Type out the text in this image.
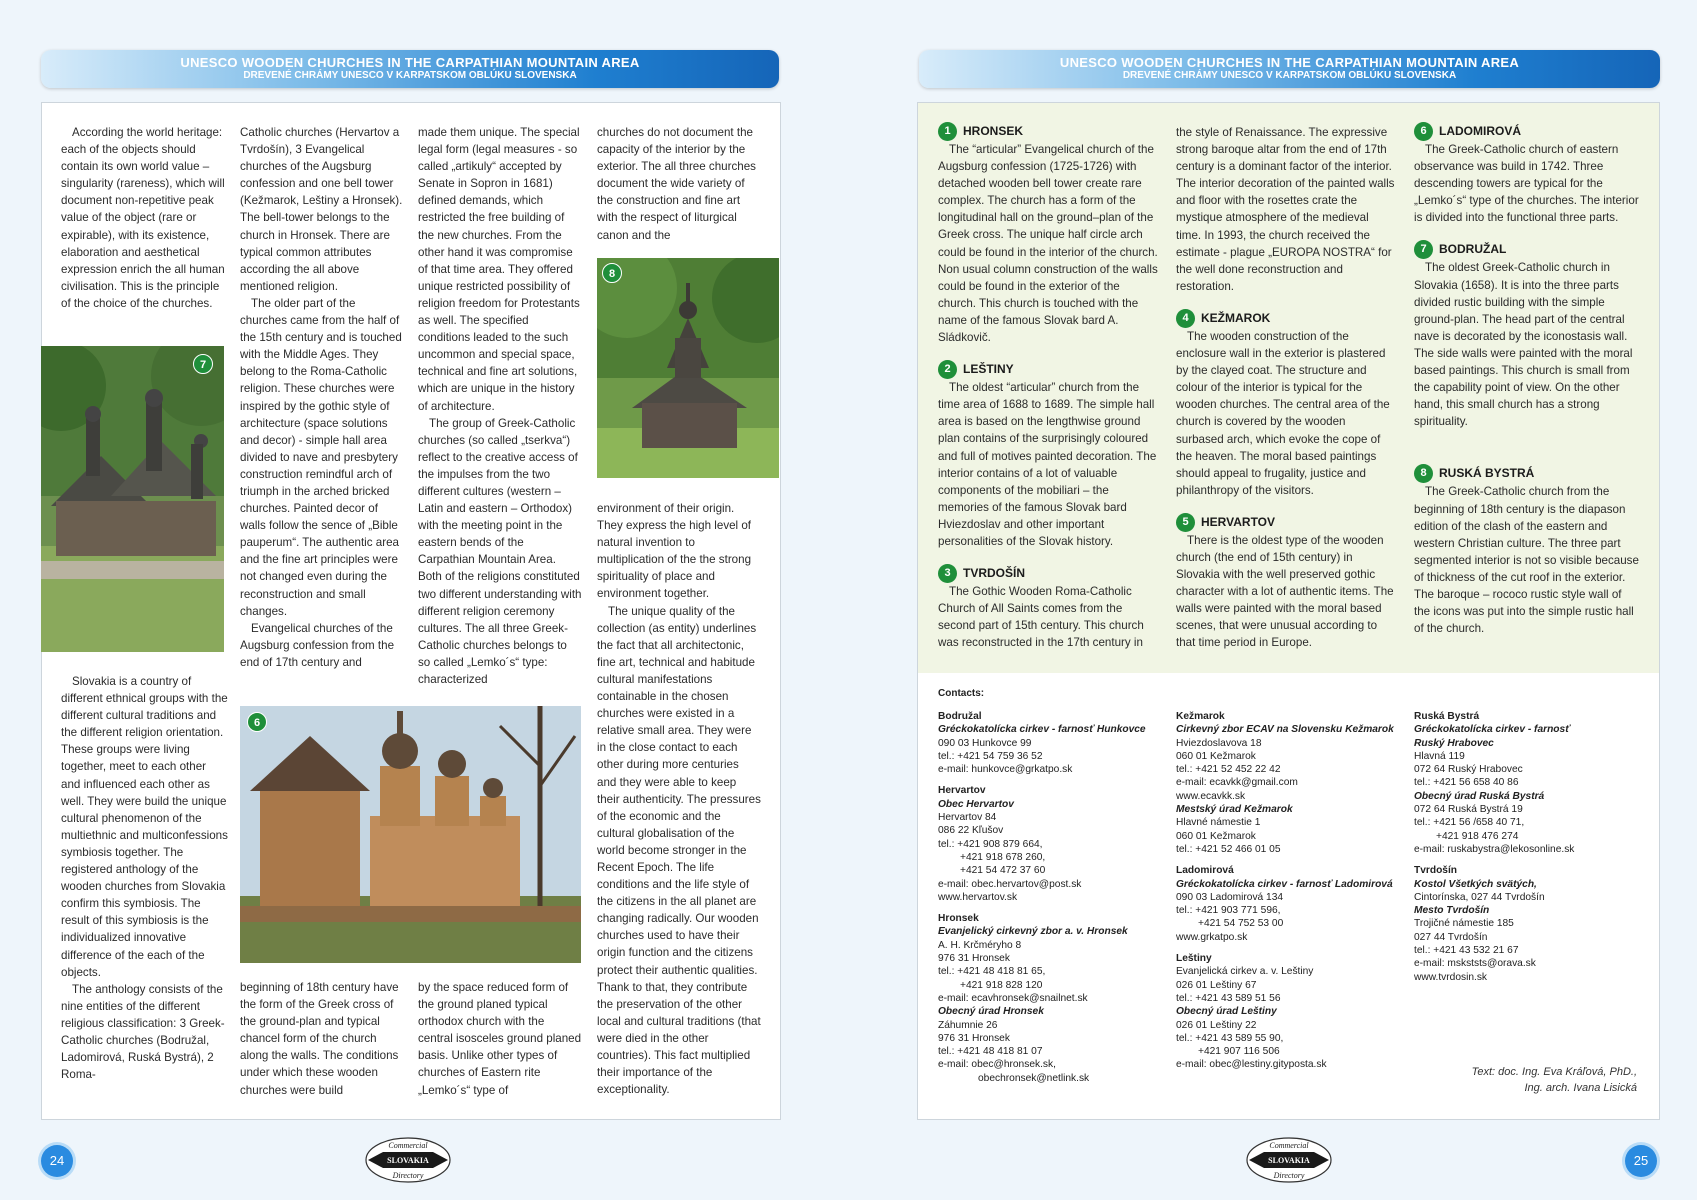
UNESCO WOODEN CHURCHES IN THE CARPATHIAN MOUNTAIN AREA
DREVENÉ CHRÁMY UNESCO V KARPATSKOM OBLÚKU SLOVENSKA

According the world heritage: each of the objects should contain its own world value – singularity (rareness), which will document non-repetitive peak value of the object (rare or expirable), with its existence, elaboration and aesthetical expression enrich the all human civilisation. This is the principle of the choice of the churches.

7

Slovakia is a country of different ethnical groups with the different cultural traditions and the different religion orientation. These groups were living together, meet to each other and influenced each other as well. They were build the unique cultural phenomenon of the multiethnic and multiconfessions symbiosis together. The registered anthology of the wooden churches from Slovakia confirm this symbiosis. The result of this symbiosis is the individualized innovative difference of the each of the objects.

The anthology consists of the nine entities of the different religious classification: 3 Greek-Catholic churches (Bodružal, Ladomirová, Ruská Bystrá), 2 Roma-

Catholic churches (Hervartov a Tvrdošín), 3 Evangelical churches of the Augsburg confession and one bell tower (Kežmarok, Leštiny a Hronsek). The bell-tower belongs to the church in Hronsek. There are typical common attributes according the all above mentioned religion.

The older part of the churches came from the half of the 15th century and is touched with the Middle Ages. They belong to the Roma-Catholic religion. These churches were inspired by the gothic style of architecture (space solutions and decor) - simple hall area divided to nave and presbytery construction remindful arch of triumph in the arched bricked churches. Painted decor of walls follow the sence of „Bible pauperum“. The authentic area and the fine art principles were not changed even during the reconstruction and small changes.

Evangelical churches of the Augsburg confession from the end of 17th century and

made them unique. The special legal form (legal measures - so called „artikuly“ accepted by Senate in Sopron in 1681) defined demands, which restricted the free building of the new churches. From the other hand it was compromise of that time area. They offered unique restricted possibility of religion freedom for Protestants as well. The specified conditions leaded to the such uncommon and special space, technical and fine art solutions, which are unique in the history of architecture.

The group of Greek-Catholic churches (so called „tserkva“) reflect to the creative access of the impulses from the two different cultures (western – Latin and eastern – Orthodox) with the meeting point in the eastern bends of the Carpathian Mountain Area. Both of the religions constituted two different understanding with different religion ceremony cultures. The all three Greek-Catholic churches belongs to so called „Lemko´s“ type: characterized

6

beginning of 18th century have the form of the Greek cross of the ground-plan and typical chancel form of the church along the walls. The conditions under which these wooden churches were build

by the space reduced form of the ground planed typical orthodox church with the central isosceles ground planed basis. Unlike other types of churches of Eastern rite „Lemko´s“ type of

churches do not document the capacity of the interior by the exterior. The all three churches document the wide variety of the construction and fine art with the respect of liturgical canon and the

8

environment of their origin. They express the high level of natural invention to multiplication of the the strong spirituality of place and environment together.

The unique quality of the collection (as entity) underlines the fact that all architectonic, fine art, technical and habitude cultural manifestations containable in the chosen churches were existed in a relative small area. They were in the close contact to each other during more centuries and they were able to keep their authenticity. The pressures of the economic and the cultural globalisation of the world become stronger in the Recent Epoch. The life conditions and the life style of the citizens in the all planet are changing radically. Our wooden churches used to have their origin function and the citizens protect their authentic qualities. Thank to that, they contribute the preservation of the other local and cultural traditions (that were died in the other countries). This fact multiplied their importance of the exceptionality.

24
Commercial
SLOVAKIA
Directory
UNESCO WOODEN CHURCHES IN THE CARPATHIAN MOUNTAIN AREA
DREVENÉ CHRÁMY UNESCO V KARPATSKOM OBLÚKU SLOVENSKA
1	HRONSEK

The “articular” Evangelical church of the Augsburg confession (1725-1726) with detached wooden bell tower create rare complex. The church has a form of the longitudinal hall on the ground–plan of the Greek cross. The unique half circle arch could be found in the interior of the church. Non usual column construction of the walls could be found in the exterior of the church. This church is touched with the name of the famous Slovak bard A. Sládkovič.

2	LEŠTINY

The oldest “articular” church from the time area of 1688 to 1689. The simple hall area is based on the lengthwise ground plan contains of the surprisingly coloured and full of motives painted decoration. The interior contains of a lot of valuable components of the mobiliari – the memories of the famous Slovak bard Hviezdoslav and other important personalities of the Slovak history.

3	TVRDOŠÍN

The Gothic Wooden Roma-Catholic Church of All Saints comes from the second part of 15th century. This church was reconstructed in the 17th century in

the style of Renaissance. The expressive strong baroque altar from the end of 17th century is a dominant factor of the interior. The interior decoration of the painted walls and floor with the rosettes crate the mystique atmosphere of the medieval time. In 1993, the church received the estimate - plague „EUROPA NOSTRA“ for the well done reconstruction and restoration.

4	KEŽMAROK

The wooden construction of the enclosure wall in the exterior is plastered by the clayed coat. The structure and colour of the interior is typical for the wooden churches. The central area of the church is covered by the wooden surbased arch, which evoke the cope of the heaven. The moral based paintings should appeal to frugality, justice and philanthropy of the visitors.

5	HERVARTOV

There is the oldest type of the wooden church (the end of 15th century) in Slovakia with the well preserved gothic character with a lot of authentic items. The walls were painted with the moral based scenes, that were unusual according to that time period in Europe.

6	LADOMIROVÁ

The Greek-Catholic church of eastern observance was build in 1742. Three descending towers are typical for the „Lemko´s“ type of the churches. The interior is divided into the functional three parts.

7	BODRUŽAL

The oldest Greek-Catholic church in Slovakia (1658). It is into the three parts divided rustic building with the simple ground-plan. The head part of the central nave is decorated by the iconostasis wall. The side walls were painted with the moral based paintings. This church is small from the capability point of view. On the other hand, this small church has a strong spirituality.

8	RUSKÁ BYSTRÁ

The Greek-Catholic church from the beginning of 18th century is the diapason edition of the clash of the eastern and western Christian culture. The three part segmented interior is not so visible because of thickness of the cut roof in the exterior. The baroque – rococo rustic style wall of the icons was put into the simple rustic hall of the church.

Contacts:
Bodružal
Gréckokatolícka cirkev - farnosť Hunkovce
090 03 Hunkovce 99
tel.: +421 54 759 36 52
e-mail: hunkovce@grkatpo.sk
Hervartov
Obec Hervartov
Hervartov 84
086 22 Kľušov
tel.: +421 908 879 664,
+421 918 678 260,
+421 54 472 37 60
e-mail: obec.hervartov@post.sk
www.hervartov.sk
Hronsek
Evanjelický cirkevný zbor a. v. Hronsek
A. H. Krčméryho 8
976 31 Hronsek
tel.: +421 48 418 81 65,
+421 918 828 120
e-mail: ecavhronsek@snailnet.sk
Obecný úrad Hronsek
Záhumnie 26
976 31 Hronsek
tel.: +421 48 418 81 07
e-mail: obec@hronsek.sk,
obechronsek@netlink.sk
Kežmarok
Cirkevný zbor ECAV na Slovensku Kežmarok
Hviezdoslavova 18
060 01 Kežmarok
tel.: +421 52 452 22 42
e-mail: ecavkk@gmail.com
www.ecavkk.sk
Mestský úrad Kežmarok
Hlavné námestie 1
060 01 Kežmarok
tel.: +421 52 466 01 05
Ladomirová
Gréckokatolícka cirkev - farnosť Ladomirová
090 03 Ladomirová 134
tel.: +421 903 771 596,
+421 54 752 53 00
www.grkatpo.sk
Leštiny
Evanjelická cirkev a. v. Leštiny
026 01 Leštiny 67
tel.: +421 43 589 51 56
Obecný úrad Leštiny
026 01 Leštiny 22
tel.: +421 43 589 55 90,
+421 907 116 506
e-mail: obec@lestiny.gitypostа.sk
Ruská Bystrá
Gréckokatolícka cirkev - farnosť
Ruský Hrabovec
Hlavná 119
072 64 Ruský Hrabovec
tel.: +421 56 658 40 86
Obecný úrad Ruská Bystrá
072 64 Ruská Bystrá 19
tel.: +421 56 /658 40 71,
+421 918 476 274
e-mail: ruskabystra@lekosonline.sk
Tvrdošín
Kostol Všetkých svätých,
Cintorínska, 027 44 Tvrdošín
Mesto Tvrdošín
Trojičné námestie 185
027 44 Tvrdošín
tel.: +421 43 532 21 67
e-mail: mskststs@orava.sk
www.tvrdosin.sk
Text: doc. Ing. Eva Kráľová, PhD.,
Ing. arch. Ivana Lisická
Commercial
SLOVAKIA
Directory
25
